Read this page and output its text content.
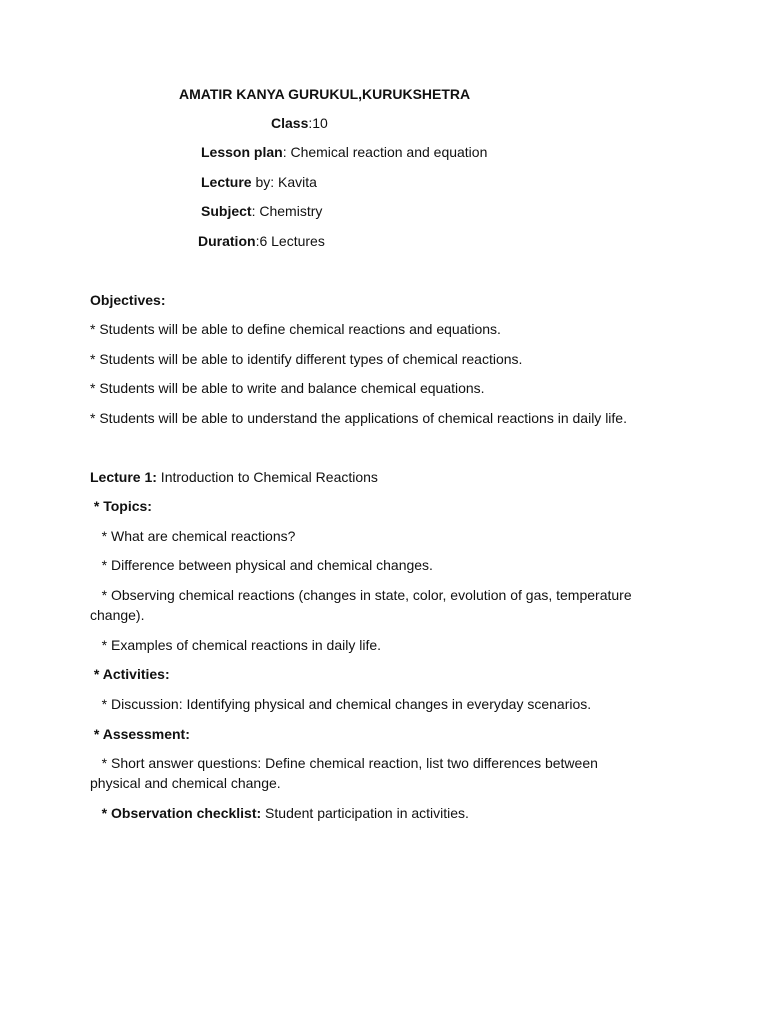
AMATIR KANYA GURUKUL,KURUKSHETRA
Class:10
Lesson plan: Chemical reaction and equation
Lecture by: Kavita
Subject: Chemistry
Duration:6 Lectures
Objectives:
* Students will be able to define chemical reactions and equations.
* Students will be able to identify different types of chemical reactions.
* Students will be able to write and balance chemical equations.
* Students will be able to understand the applications of chemical reactions in daily life.
Lecture 1: Introduction to Chemical Reactions
* Topics:
* What are chemical reactions?
* Difference between physical and chemical changes.
* Observing chemical reactions (changes in state, color, evolution of gas, temperature change).
* Examples of chemical reactions in daily life.
* Activities:
* Discussion: Identifying physical and chemical changes in everyday scenarios.
* Assessment:
* Short answer questions: Define chemical reaction, list two differences between physical and chemical change.
* Observation checklist: Student participation in activities.
